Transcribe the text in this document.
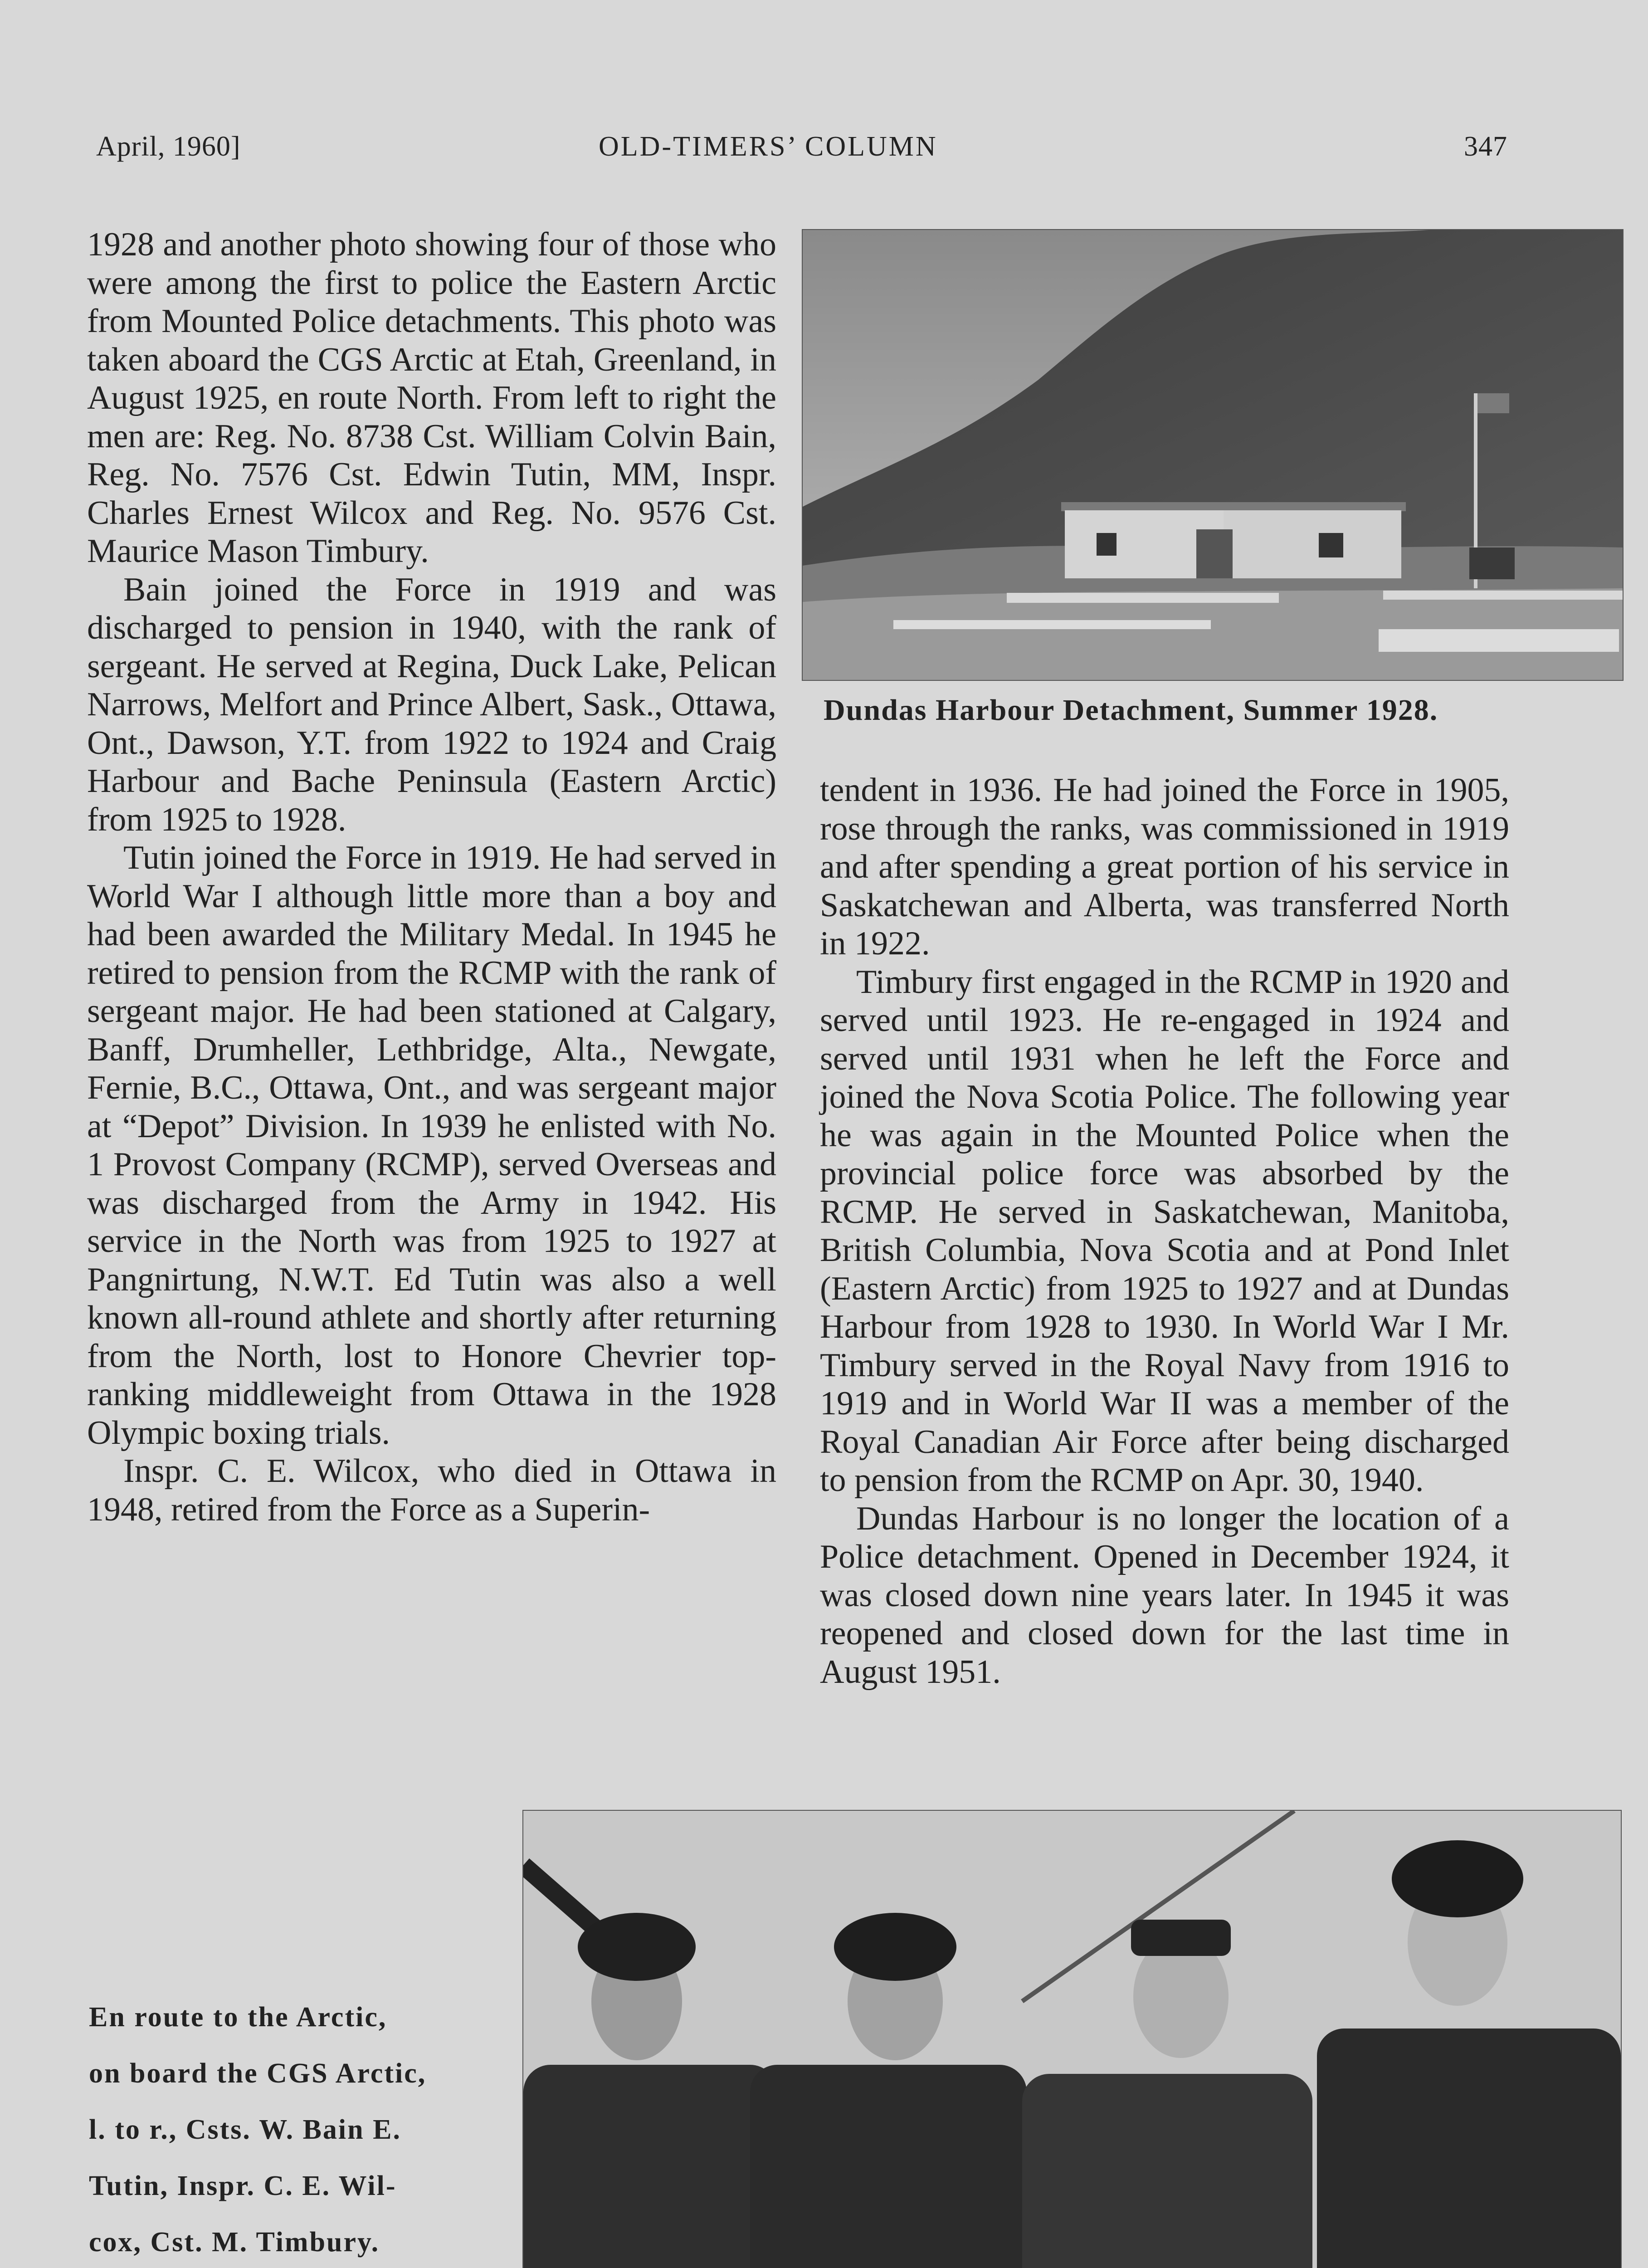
April, 1960]	OLD-TIMERS’ COLUMN	347

1928 and another photo showing four of those who were among the first to police the Eastern Arctic from Mounted Police detachments. This photo was taken aboard the CGS Arctic at Etah, Greenland, in August 1925, en route North. From left to right the men are: Reg. No. 8738 Cst. William Colvin Bain, Reg. No. 7576 Cst. Edwin Tutin, MM, Inspr. Charles Ernest Wilcox and Reg. No. 9576 Cst. Maurice Mason Timbury.

Bain joined the Force in 1919 and was discharged to pension in 1940, with the rank of sergeant. He served at Regina, Duck Lake, Pelican Narrows, Melfort and Prince Albert, Sask., Ottawa, Ont., Dawson, Y.T. from 1922 to 1924 and Craig Harbour and Bache Peninsula (Eastern Arctic) from 1925 to 1928.

Tutin joined the Force in 1919. He had served in World War I although little more than a boy and had been awarded the Military Medal. In 1945 he retired to pension from the RCMP with the rank of sergeant major. He had been stationed at Calgary, Banff, Drumheller, Lethbridge, Alta., Newgate, Fernie, B.C., Ottawa, Ont., and was sergeant major at “Depot” Division. In 1939 he enlisted with No. 1 Provost Company (RCMP), served Overseas and was discharged from the Army in 1942. His service in the North was from 1925 to 1927 at Pangnirtung, N.W.T. Ed Tutin was also a well known all-round athlete and shortly after returning from the North, lost to Honore Chevrier top-ranking middleweight from Ottawa in the 1928 Olympic boxing trials.

Inspr. C. E. Wilcox, who died in Ottawa in 1948, retired from the Force as a Superin-

Dundas Harbour Detachment, Summer 1928.

tendent in 1936. He had joined the Force in 1905, rose through the ranks, was commissioned in 1919 and after spending a great portion of his service in Saskatchewan and Alberta, was transferred North in 1922.

Timbury first engaged in the RCMP in 1920 and served until 1923. He re-engaged in 1924 and served until 1931 when he left the Force and joined the Nova Scotia Police. The following year he was again in the Mounted Police when the provincial police force was absorbed by the RCMP. He served in Saskatchewan, Manitoba, British Columbia, Nova Scotia and at Pond Inlet (Eastern Arctic) from 1925 to 1927 and at Dundas Harbour from 1928 to 1930. In World War I Mr. Timbury served in the Royal Navy from 1916 to 1919 and in World War II was a member of the Royal Canadian Air Force after being discharged to pension from the RCMP on Apr. 30, 1940.

Dundas Harbour is no longer the location of a Police detachment. Opened in December 1924, it was closed down nine years later. In 1945 it was reopened and closed down for the last time in August 1951.

En route to the Arctic,
on board the CGS Arctic,
l. to r., Csts. W. Bain E.
Tutin, Inspr. C. E. Wil-
cox, Cst. M. Timbury.
